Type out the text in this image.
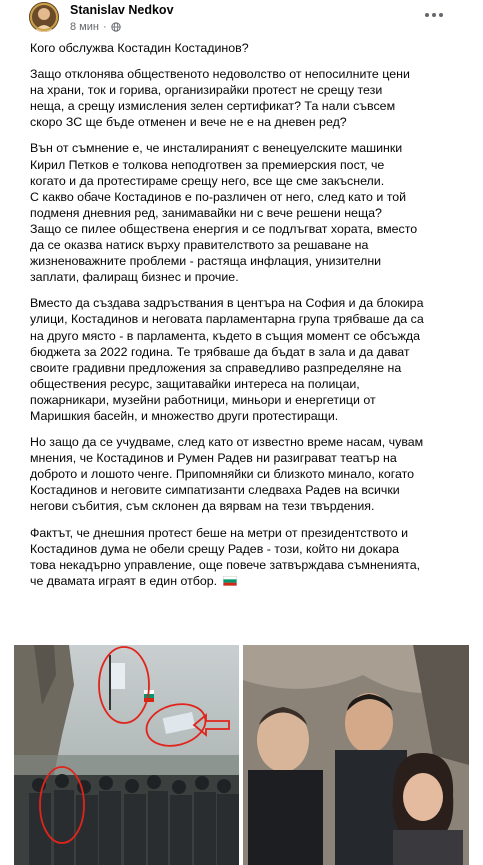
Stanislav Nedkov
8 мин ·

Кого обслужва Костадин Костадинов?

Защо отклонява общественото недоволство от непосилните цени
на храни, ток и горива, организирайки протест не срещу тези
неща, а срещу измисления зелен сертификат? Та нали съвсем
скоро ЗС ще бъде отменен и вече не е на дневен ред?

Вън от съмнение е, че инсталираният с венецуелските машинки
Кирил Петков е толкова неподготвен за премиерския пост, че
когато и да протестираме срещу него, все ще сме закъснели.
С какво обаче Костадинов е по-различен от него, след като и той
подменя дневния ред, занимавайки ни с вече решени неща?
Защо се пилее обществена енергия и се подлъгват хората, вместо
да се оказва натиск върху правителството за решаване на
жизненоважните проблеми - растяща инфлация, унизителни
заплати, фалиращ бизнес и прочие.

Вместо да създава задръствания в центъра на София и да блокира
улици, Костадинов и неговата парламентарна група трябваше да са
на друго място - в парламента, където в същия момент се обсъжда
бюджета за 2022 година. Те трябваше да бъдат в зала и да дават
своите градивни предложения за справедливо разпределяне на
обществения ресурс, защитавайки интереса на полицаи,
пожарникари, музейни работници, миньори и енергетици от
Маришкия басейн, и множество други протестиращи.

Но защо да се учудваме, след като от известно време насам, чувам
мнения, че Костадинов и Румен Радев ни разиграват театър на
доброто и лошото ченге. Припомняйки си близкото минало, когато
Костадинов и неговите симпатизанти следваха Радев на всички
негови събития, съм склонен да вярвам на тези твърдения.

Фактът, че днешния протест беше на метри от президентството и
Костадинов дума не обели срещу Радев - този, който ни докара
това некадърно управление, още повече затвърждава съмненията,
че двамата играят в един отбор.
